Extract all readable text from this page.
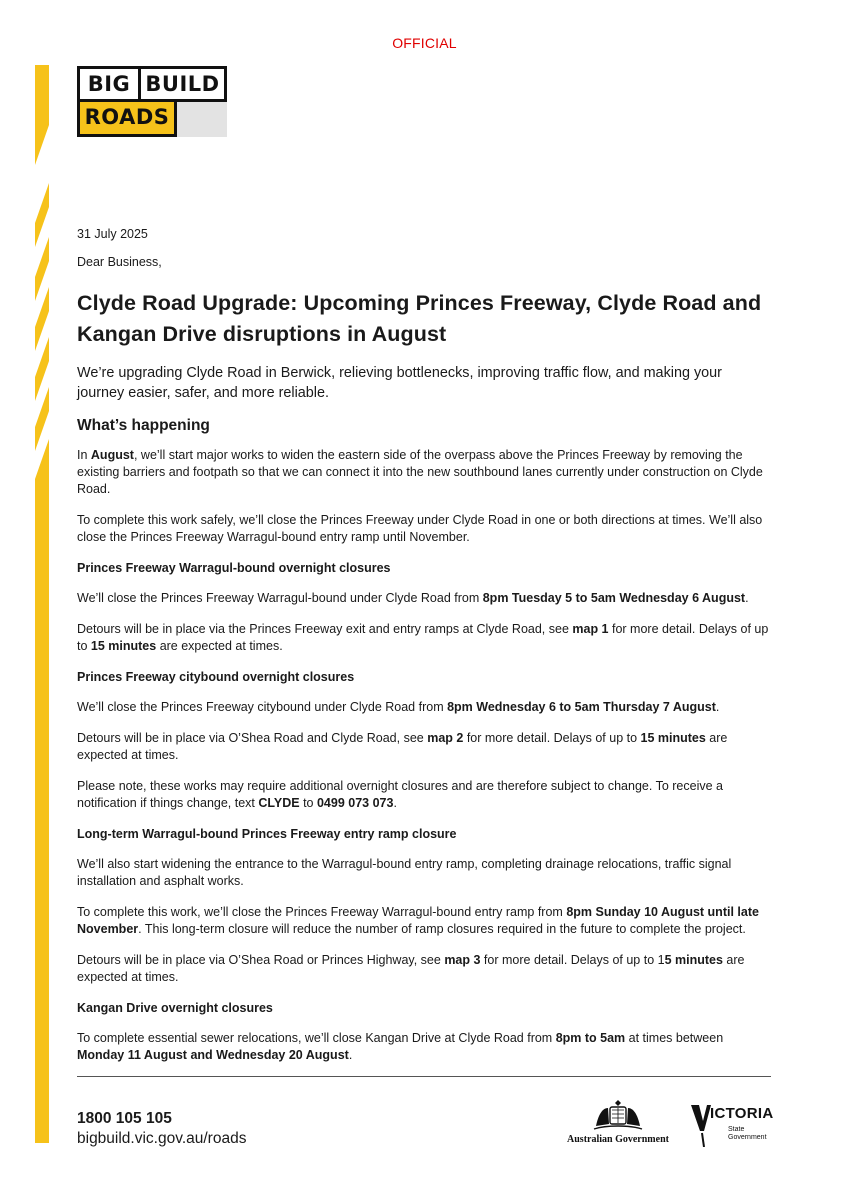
OFFICIAL
BIG BUILD
ROADS

31 July 2025

Dear Business,

Clyde Road Upgrade: Upcoming Princes Freeway, Clyde Road and Kangan Drive disruptions in August

We’re upgrading Clyde Road in Berwick, relieving bottlenecks, improving traffic flow, and making your journey easier, safer, and more reliable.

What’s happening

In August, we’ll start major works to widen the eastern side of the overpass above the Princes Freeway by removing the existing barriers and footpath so that we can connect it into the new southbound lanes currently under construction on Clyde Road.

To complete this work safely, we’ll close the Princes Freeway under Clyde Road in one or both directions at times. We’ll also close the Princes Freeway Warragul-bound entry ramp until November.

Princes Freeway Warragul-bound overnight closures

We’ll close the Princes Freeway Warragul-bound under Clyde Road from 8pm Tuesday 5 to 5am Wednesday 6 August.

Detours will be in place via the Princes Freeway exit and entry ramps at Clyde Road, see map 1 for more detail. Delays of up to 15 minutes are expected at times.

Princes Freeway citybound overnight closures

We’ll close the Princes Freeway citybound under Clyde Road from 8pm Wednesday 6 to 5am Thursday 7 August.

Detours will be in place via O’Shea Road and Clyde Road, see map 2 for more detail. Delays of up to 15 minutes are expected at times.

Please note, these works may require additional overnight closures and are therefore subject to change. To receive a notification if things change, text CLYDE to 0499 073 073.

Long-term Warragul-bound Princes Freeway entry ramp closure

We’ll also start widening the entrance to the Warragul-bound entry ramp, completing drainage relocations, traffic signal installation and asphalt works.

To complete this work, we’ll close the Princes Freeway Warragul-bound entry ramp from 8pm Sunday 10 August until late November. This long-term closure will reduce the number of ramp closures required in the future to complete the project.

Detours will be in place via O’Shea Road or Princes Highway, see map 3 for more detail. Delays of up to 15 minutes are expected at times.

Kangan Drive overnight closures

To complete essential sewer relocations, we’ll close Kangan Drive at Clyde Road from 8pm to 5am at times between Monday 11 August and Wednesday 20 August.

1800 105 105
bigbuild.vic.gov.au/roads	Australian Government
ICTORIA
State
Government
